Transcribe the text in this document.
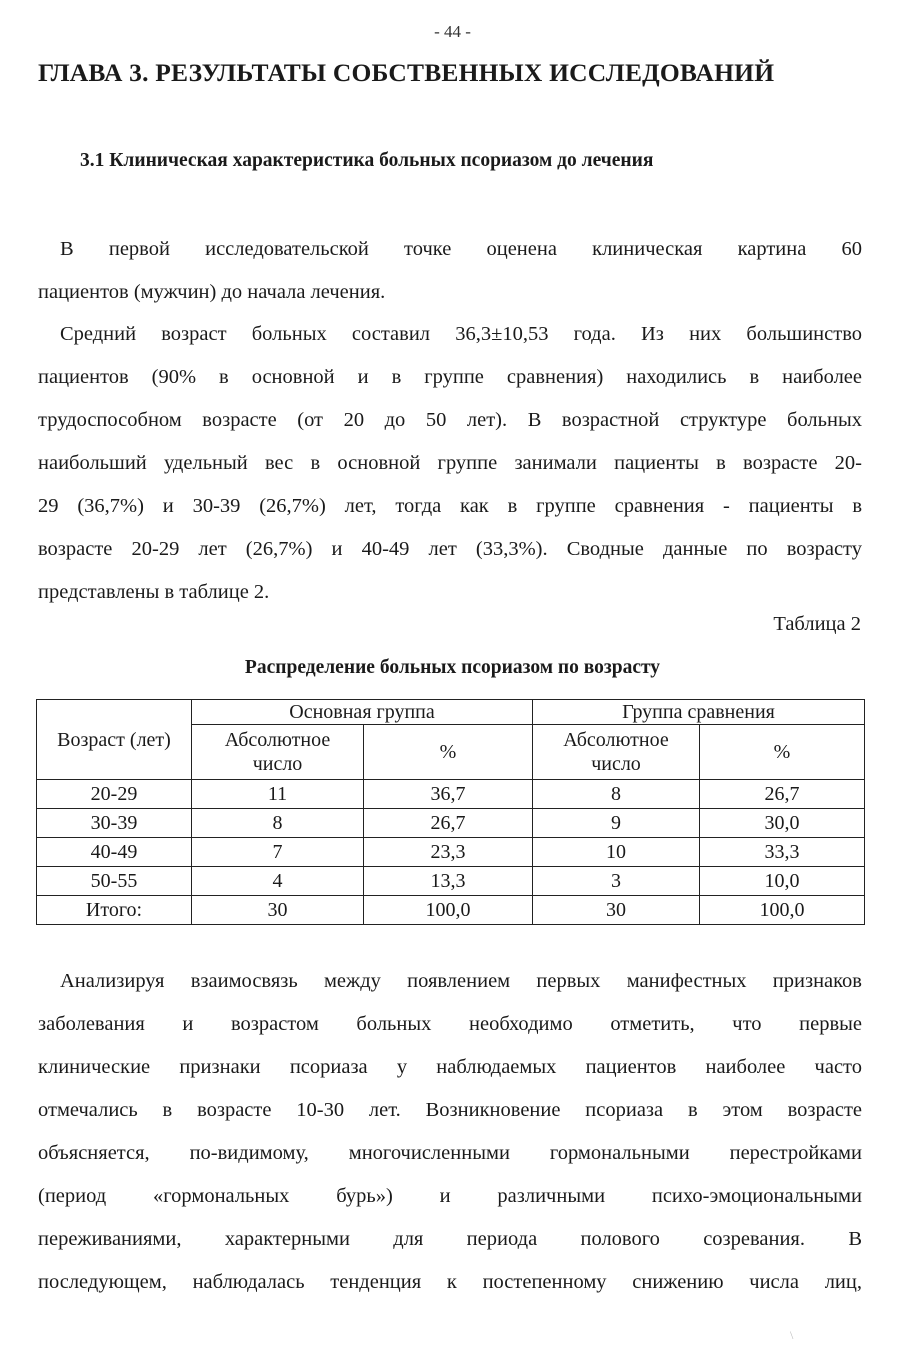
- 44 -
ГЛАВА 3. РЕЗУЛЬТАТЫ СОБСТВЕННЫХ ИССЛЕДОВАНИЙ
3.1 Клиническая характеристика больных псориазом до лечения
В первой исследовательской точке оценена клиническая картина 60
пациентов (мужчин) до начала лечения.
Средний возраст больных составил 36,3±10,53 года. Из них большинство
пациентов (90% в основной и в группе сравнения) находились в наиболее
трудоспособном возрасте (от 20 до 50 лет). В возрастной структуре больных
наибольший удельный вес в основной группе занимали пациенты в возрасте 20-
29 (36,7%) и 30-39 (26,7%) лет, тогда как в группе сравнения - пациенты в
возрасте 20-29 лет (26,7%) и 40-49 лет (33,3%). Сводные данные по возрасту
представлены в таблице 2.
Таблица 2
Распределение больных псориазом по возрасту
Возраст (лет)	Основная группа		Группа сравнения	
	Абсолютное число	%	Абсолютное число	%
20-29	11	36,7	8	26,7
30-39	8	26,7	9	30,0
40-49	7	23,3	10	33,3
50-55	4	13,3	3	10,0
Итого:	30	100,0	30	100,0
Анализируя взаимосвязь между появлением первых манифестных признаков
заболевания и возрастом больных необходимо отметить, что первые
клинические признаки псориаза у наблюдаемых пациентов наиболее часто
отмечались в возрасте 10-30 лет. Возникновение псориаза в этом возрасте
объясняется, по-видимому, многочисленными гормональными перестройками
(период «гормональных бурь») и различными психо-эмоциональными
переживаниями, характерными для периода полового созревания. В
последующем, наблюдалась тенденция к постепенному снижению числа лиц,
\
